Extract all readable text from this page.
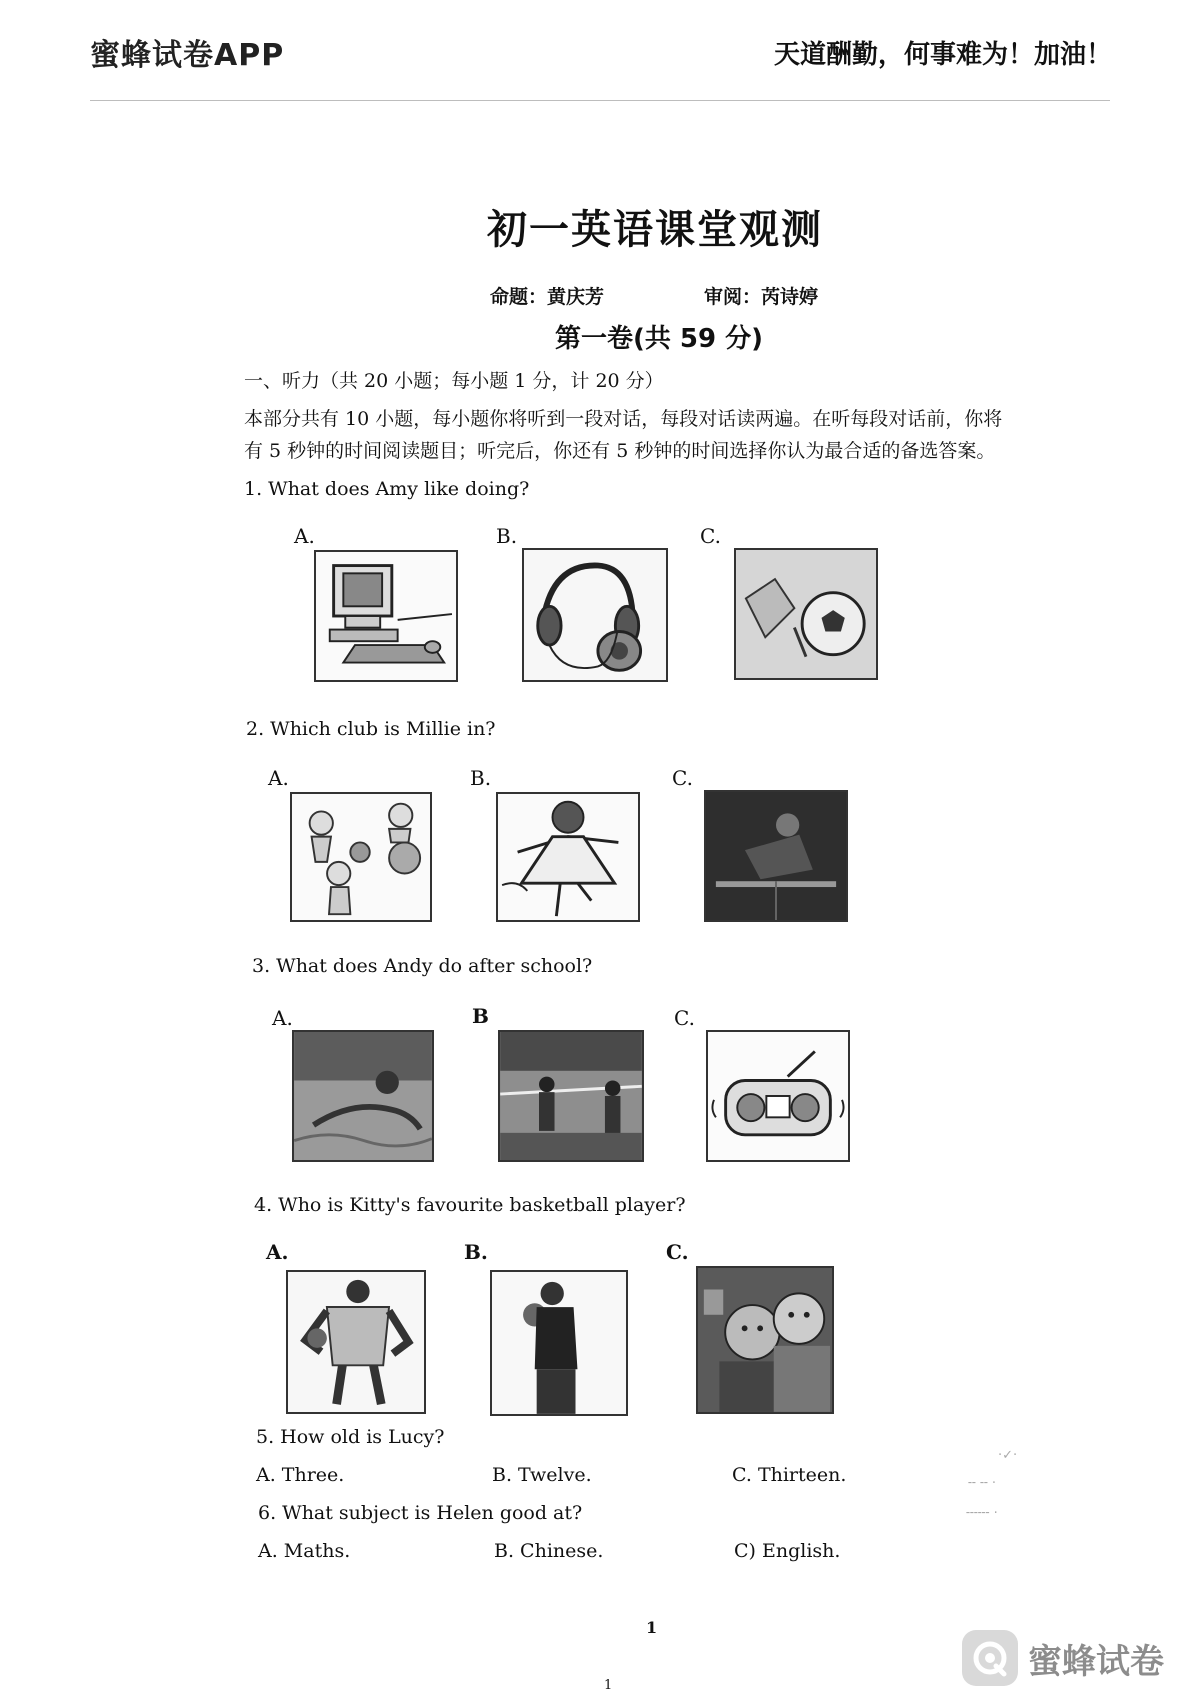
蜜蜂试卷APP	天道酬勤，何事难为！加油！
初一英语课堂观测
命题：黄庆芳	审阅：芮诗婷
第一卷(共 59 分)
一、听力（共 20 小题；每小题 1 分，计 20 分）
本部分共有 10 小题，每小题你将听到一段对话，每段对话读两遍。在听每段对话前，你将
有 5 秒钟的时间阅读题目；听完后，你还有 5 秒钟的时间选择你认为最合适的备选答案。
1. What does Amy like doing?
A.	B.	C.
2. Which club is Millie in?
A.	B.	C.
3. What does Andy do after school?
A.	B	C.
4. Who is Kitty's favourite basketball player?
A.	B.	C.
5. How old is Lucy?
A. Three.	B. Twelve.	C. Thirteen.
6. What subject is Helen good at?
A. Maths.	B. Chinese.	C) English.
·✓·
╌ ╌ ·
╌╌╌ ·
1
1
蜜蜂试卷
